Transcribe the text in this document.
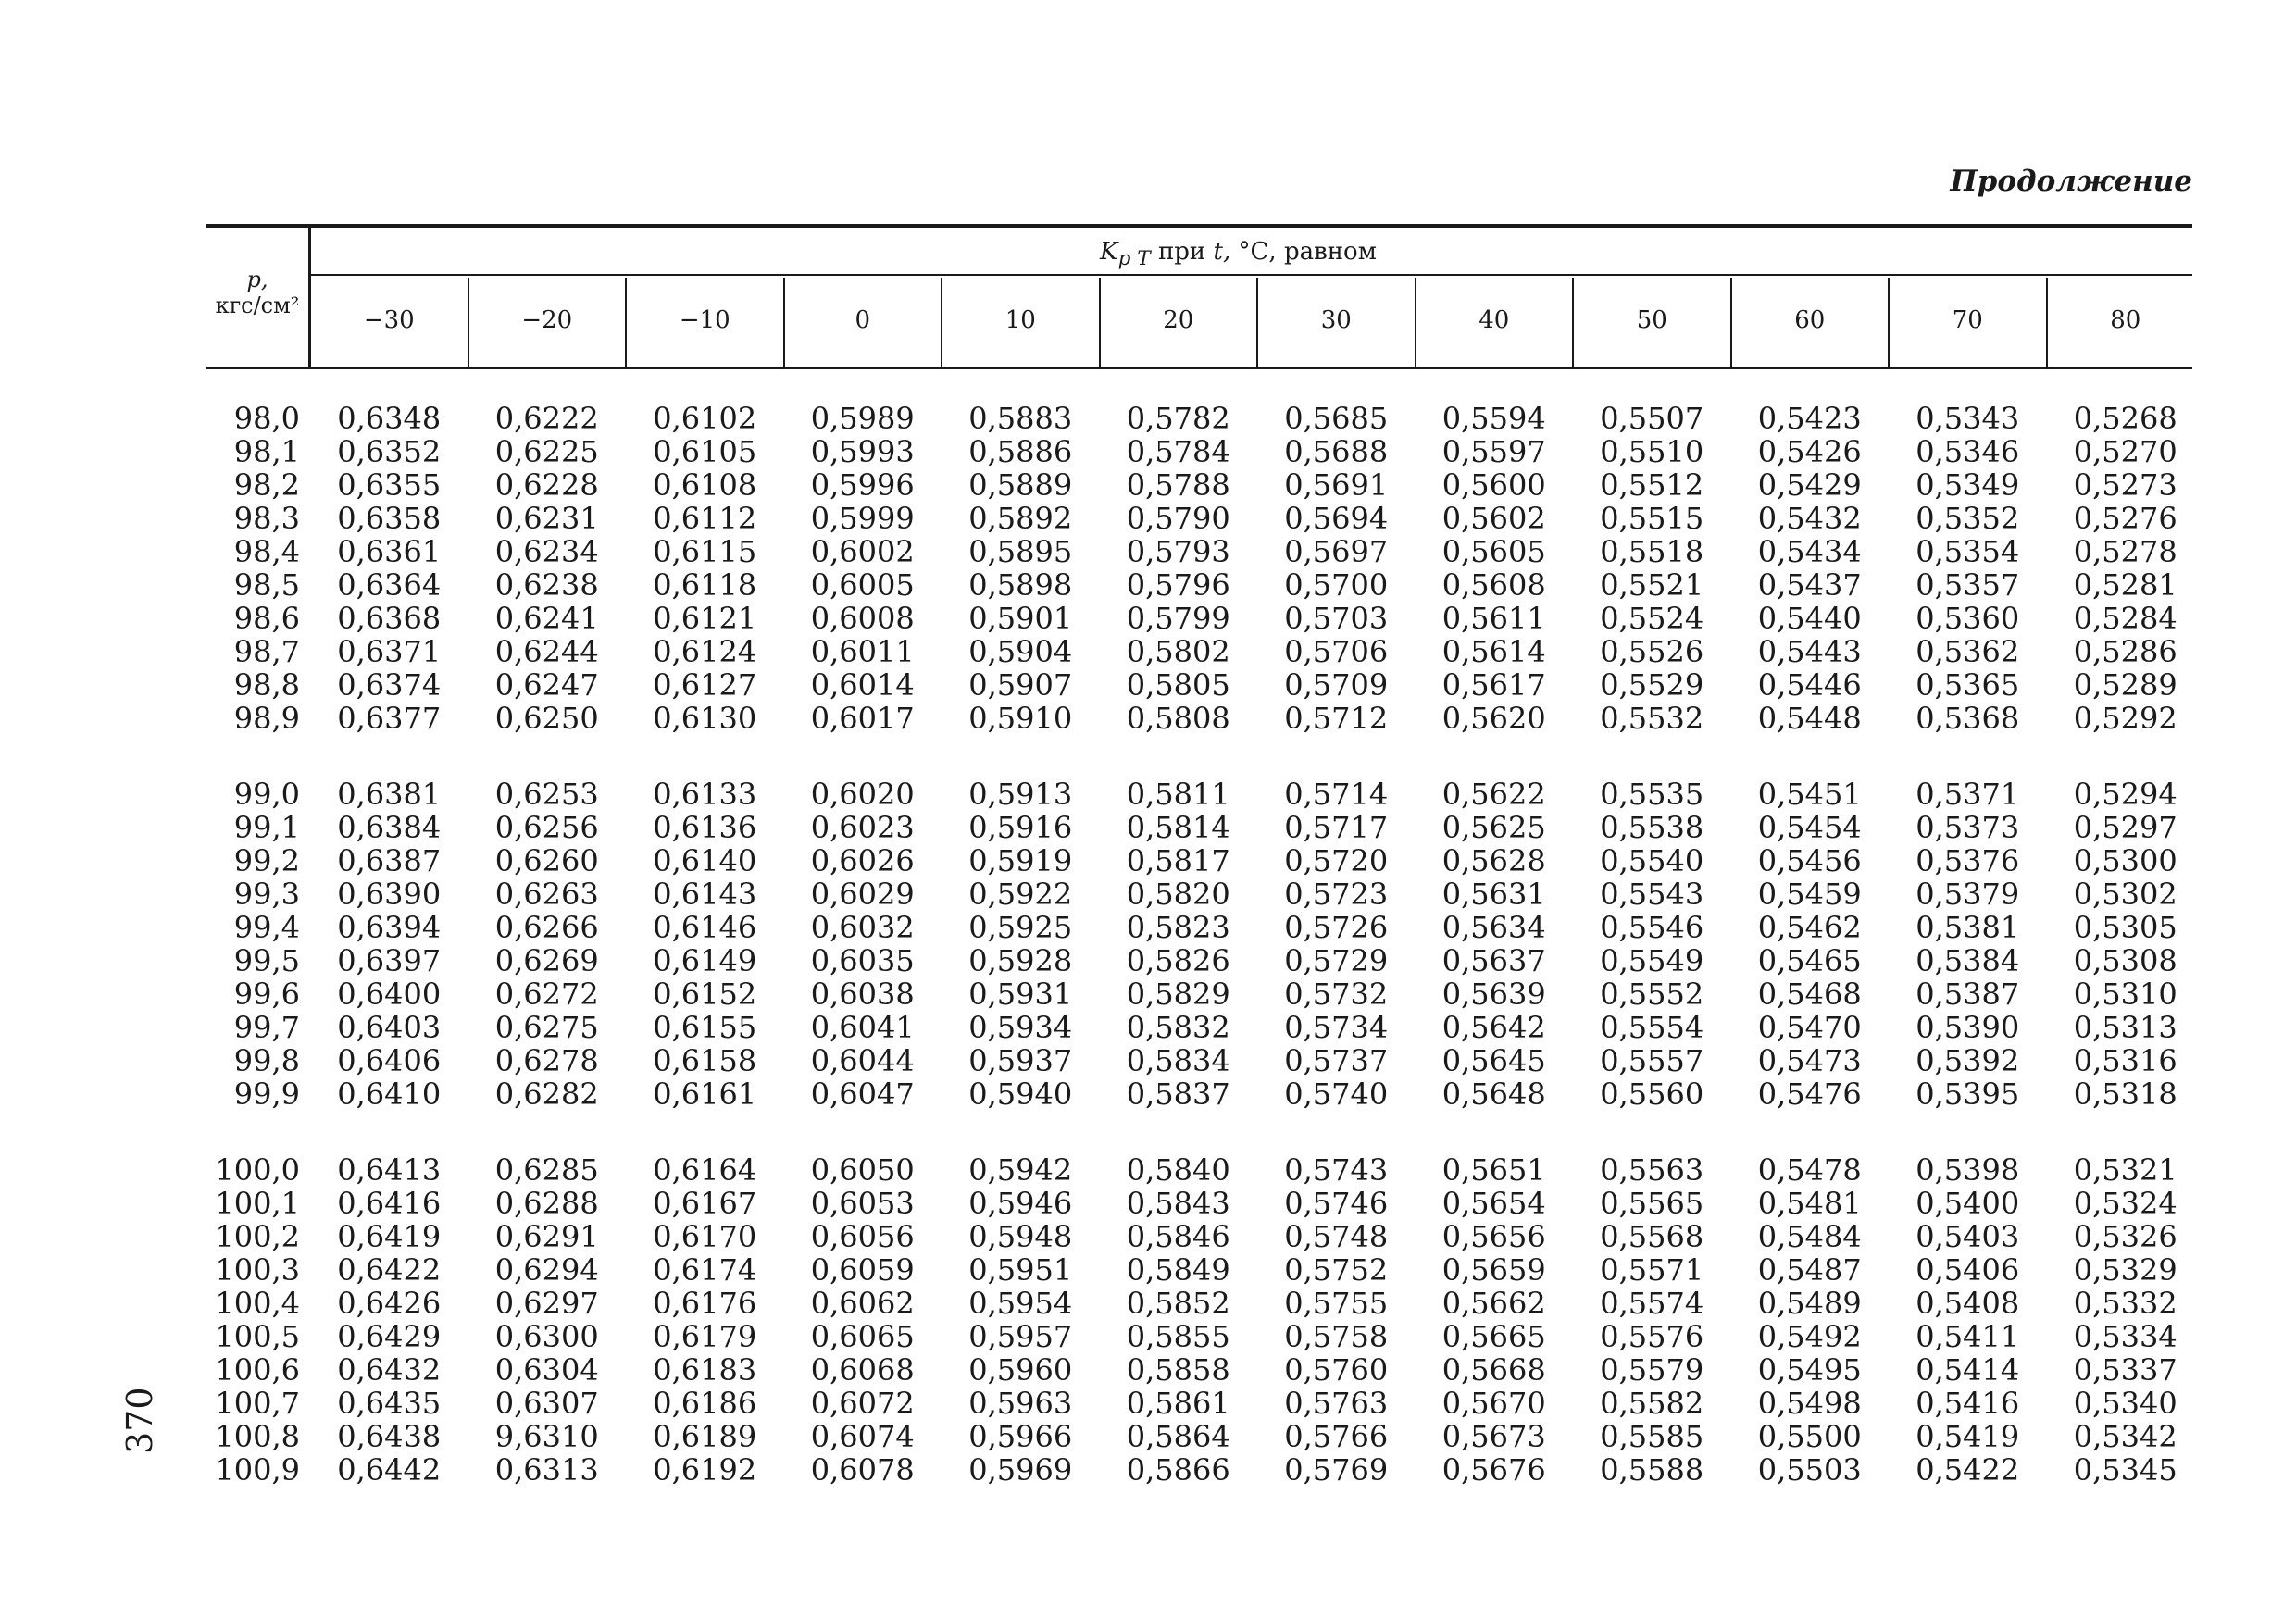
Продолжение
370
p,
кгс/см²
$K_{p T}$ при t, °С, равном
−30	−20	−10	0	10	20	30	40	50	60	70	80
98,0	0,6348	0,6222	0,6102	0,5989	0,5883	0,5782	0,5685	0,5594	0,5507	0,5423	0,5343	0,5268
98,1	0,6352	0,6225	0,6105	0,5993	0,5886	0,5784	0,5688	0,5597	0,5510	0,5426	0,5346	0,5270
98,2	0,6355	0,6228	0,6108	0,5996	0,5889	0,5788	0,5691	0,5600	0,5512	0,5429	0,5349	0,5273
98,3	0,6358	0,6231	0,6112	0,5999	0,5892	0,5790	0,5694	0,5602	0,5515	0,5432	0,5352	0,5276
98,4	0,6361	0,6234	0,6115	0,6002	0,5895	0,5793	0,5697	0,5605	0,5518	0,5434	0,5354	0,5278
98,5	0,6364	0,6238	0,6118	0,6005	0,5898	0,5796	0,5700	0,5608	0,5521	0,5437	0,5357	0,5281
98,6	0,6368	0,6241	0,6121	0,6008	0,5901	0,5799	0,5703	0,5611	0,5524	0,5440	0,5360	0,5284
98,7	0,6371	0,6244	0,6124	0,6011	0,5904	0,5802	0,5706	0,5614	0,5526	0,5443	0,5362	0,5286
98,8	0,6374	0,6247	0,6127	0,6014	0,5907	0,5805	0,5709	0,5617	0,5529	0,5446	0,5365	0,5289
98,9	0,6377	0,6250	0,6130	0,6017	0,5910	0,5808	0,5712	0,5620	0,5532	0,5448	0,5368	0,5292
99,0	0,6381	0,6253	0,6133	0,6020	0,5913	0,5811	0,5714	0,5622	0,5535	0,5451	0,5371	0,5294
99,1	0,6384	0,6256	0,6136	0,6023	0,5916	0,5814	0,5717	0,5625	0,5538	0,5454	0,5373	0,5297
99,2	0,6387	0,6260	0,6140	0,6026	0,5919	0,5817	0,5720	0,5628	0,5540	0,5456	0,5376	0,5300
99,3	0,6390	0,6263	0,6143	0,6029	0,5922	0,5820	0,5723	0,5631	0,5543	0,5459	0,5379	0,5302
99,4	0,6394	0,6266	0,6146	0,6032	0,5925	0,5823	0,5726	0,5634	0,5546	0,5462	0,5381	0,5305
99,5	0,6397	0,6269	0,6149	0,6035	0,5928	0,5826	0,5729	0,5637	0,5549	0,5465	0,5384	0,5308
99,6	0,6400	0,6272	0,6152	0,6038	0,5931	0,5829	0,5732	0,5639	0,5552	0,5468	0,5387	0,5310
99,7	0,6403	0,6275	0,6155	0,6041	0,5934	0,5832	0,5734	0,5642	0,5554	0,5470	0,5390	0,5313
99,8	0,6406	0,6278	0,6158	0,6044	0,5937	0,5834	0,5737	0,5645	0,5557	0,5473	0,5392	0,5316
99,9	0,6410	0,6282	0,6161	0,6047	0,5940	0,5837	0,5740	0,5648	0,5560	0,5476	0,5395	0,5318
100,0	0,6413	0,6285	0,6164	0,6050	0,5942	0,5840	0,5743	0,5651	0,5563	0,5478	0,5398	0,5321
100,1	0,6416	0,6288	0,6167	0,6053	0,5946	0,5843	0,5746	0,5654	0,5565	0,5481	0,5400	0,5324
100,2	0,6419	0,6291	0,6170	0,6056	0,5948	0,5846	0,5748	0,5656	0,5568	0,5484	0,5403	0,5326
100,3	0,6422	0,6294	0,6174	0,6059	0,5951	0,5849	0,5752	0,5659	0,5571	0,5487	0,5406	0,5329
100,4	0,6426	0,6297	0,6176	0,6062	0,5954	0,5852	0,5755	0,5662	0,5574	0,5489	0,5408	0,5332
100,5	0,6429	0,6300	0,6179	0,6065	0,5957	0,5855	0,5758	0,5665	0,5576	0,5492	0,5411	0,5334
100,6	0,6432	0,6304	0,6183	0,6068	0,5960	0,5858	0,5760	0,5668	0,5579	0,5495	0,5414	0,5337
100,7	0,6435	0,6307	0,6186	0,6072	0,5963	0,5861	0,5763	0,5670	0,5582	0,5498	0,5416	0,5340
100,8	0,6438	9,6310	0,6189	0,6074	0,5966	0,5864	0,5766	0,5673	0,5585	0,5500	0,5419	0,5342
100,9	0,6442	0,6313	0,6192	0,6078	0,5969	0,5866	0,5769	0,5676	0,5588	0,5503	0,5422	0,5345
